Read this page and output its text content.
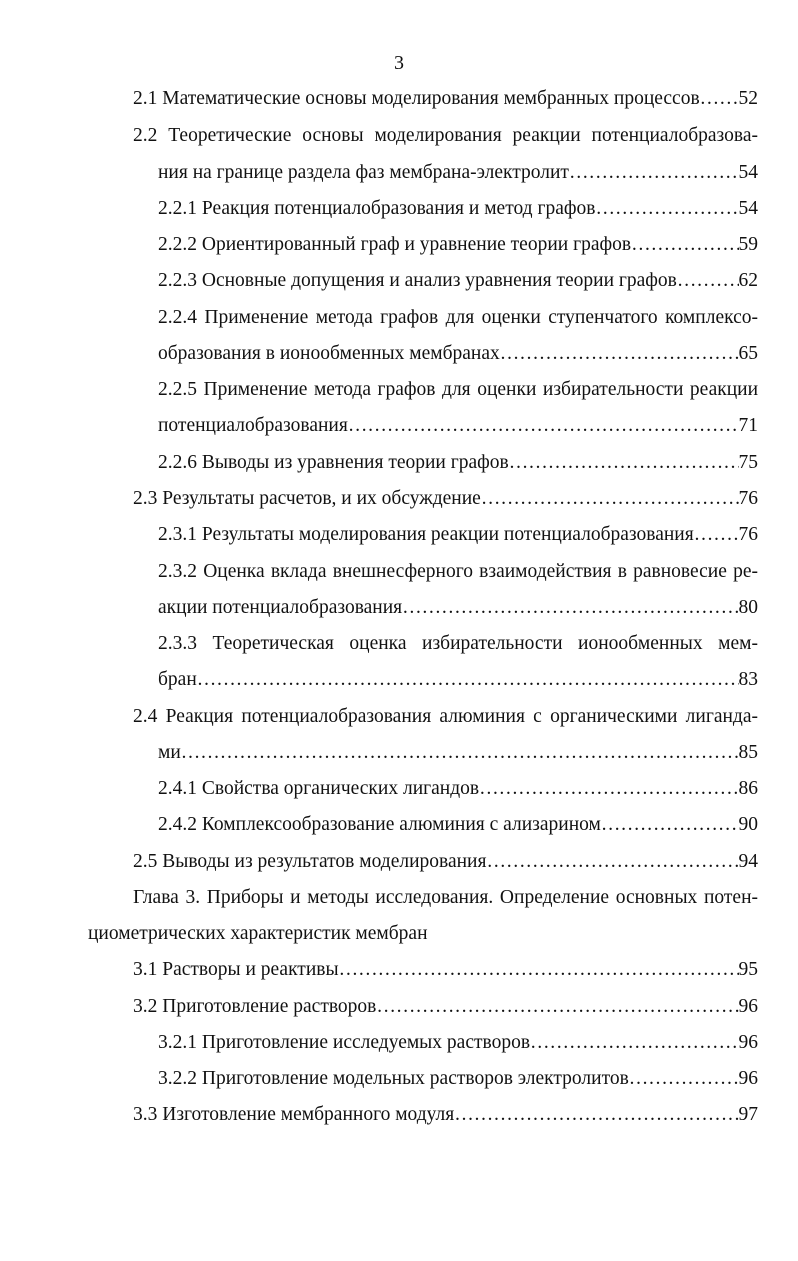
3
2.1 Математические основы моделирования мембранных процессов …………………………………………………………………………………………………………………………………………………… 52
2.2 Теоретические основы моделирования реакции потенциалобразова-
ния на границе раздела фаз мембрана-электролит ……………………………………………………………………………………………………………………………………………………	54
2.2.1 Реакция потенциалобразования и метод графов ……………………………………………………………………………………………………………………………………………………	54
2.2.2 Ориентированный граф и уравнение теории графов ……………………………………………………………………………………………………………………………………………………	59
2.2.3 Основные допущения и анализ уравнения теории графов ……………………………………………………………………………………………………………………………………………………	62
2.2.4 Применение метода графов для оценки ступенчатого комплексо-
образования в ионообменных мембранах ……………………………………………………………………………………………………………………………………………………	65
2.2.5 Применение метода графов для оценки избирательности реакции
потенциалобразования ……………………………………………………………………………………………………………………………………………………	71
2.2.6 Выводы из уравнения теории графов ……………………………………………………………………………………………………………………………………………………	75
2.3 Результаты расчетов, и их обсуждение ……………………………………………………………………………………………………………………………………………………	76
2.3.1 Результаты моделирования реакции потенциалобразования …………………………………………………………………………………………………………………………………………………… 76
2.3.2 Оценка вклада внешнесферного взаимодействия в равновесие ре-
акции потенциалобразования ……………………………………………………………………………………………………………………………………………………	80
2.3.3 Теоретическая оценка избирательности ионообменных мем-
бран ……………………………………………………………………………………………………………………………………………………	83
2.4 Реакция потенциалобразования алюминия с органическими лиганда-
ми ……………………………………………………………………………………………………………………………………………………	85
2.4.1 Свойства органических лигандов ……………………………………………………………………………………………………………………………………………………	86
2.4.2 Комплексообразование алюминия с ализарином ……………………………………………………………………………………………………………………………………………………	90
2.5 Выводы из результатов моделирования ……………………………………………………………………………………………………………………………………………………	94
Глава 3. Приборы и методы исследования. Определение основных потен-
циометрических характеристик мембран
3.1 Растворы и реактивы ……………………………………………………………………………………………………………………………………………………	95
3.2 Приготовление растворов ……………………………………………………………………………………………………………………………………………………	96
3.2.1 Приготовление исследуемых растворов ……………………………………………………………………………………………………………………………………………………	96
3.2.2 Приготовление модельных растворов электролитов ……………………………………………………………………………………………………………………………………………………	96
3.3 Изготовление мембранного модуля ……………………………………………………………………………………………………………………………………………………	97
